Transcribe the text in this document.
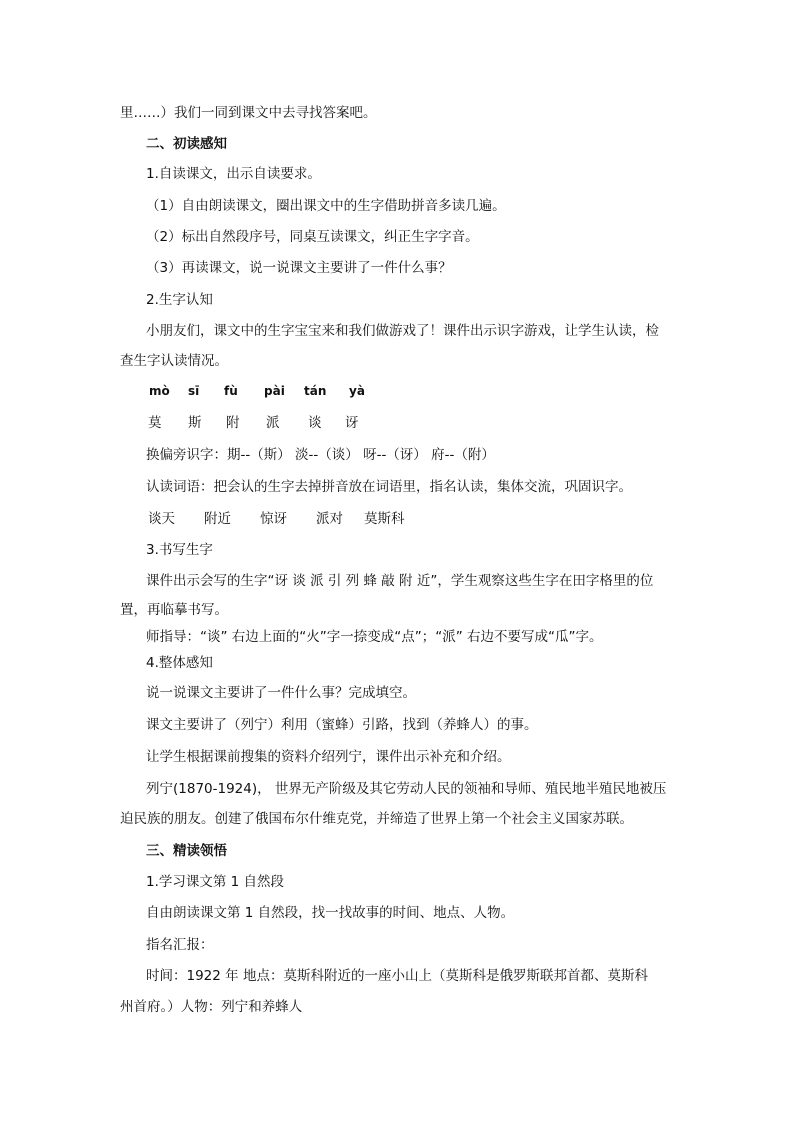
里……）我们一同到课文中去寻找答案吧。
二、初读感知
1.自读课文，出示自读要求。
（1）自由朗读课文，圈出课文中的生字借助拼音多读几遍。
（2）标出自然段序号，同桌互读课文，纠正生字字音。
（3）再读课文，说一说课文主要讲了一件什么事？
2.生字认知
小朋友们，课文中的生字宝宝来和我们做游戏了！课件出示识字游戏，让学生认读，检
查生字认读情况。
mò sī fù pài tán yà
莫 斯 附 派 谈 讶
换偏旁识字：期--（斯） 淡--（谈） 呀--（讶） 府--（附）
认读词语：把会认的生字去掉拼音放在词语里，指名认读，集体交流，巩固识字。
谈天 附近 惊讶 派对 莫斯科
3.书写生字
课件出示会写的生字“讶 谈 派 引 列 蜂 敲 附 近”，学生观察这些生字在田字格里的位
置，再临摹书写。
师指导：“谈” 右边上面的“火”字一捺变成“点”；“派” 右边不要写成“瓜”字。
4.整体感知
说一说课文主要讲了一件什么事？完成填空。
课文主要讲了（列宁）利用（蜜蜂）引路，找到（养蜂人）的事。
让学生根据课前搜集的资料介绍列宁，课件出示补充和介绍。
列宁(1870-1924)， 世界无产阶级及其它劳动人民的领袖和导师、殖民地半殖民地被压
迫民族的朋友。创建了俄国布尔什维克党，并缔造了世界上第一个社会主义国家苏联。
三、精读领悟
1.学习课文第 1 自然段
自由朗读课文第 1 自然段，找一找故事的时间、地点、人物。
指名汇报：
时间：1922 年 地点：莫斯科附近的一座小山上（莫斯科是俄罗斯联邦首都、莫斯科
州首府。）人物：列宁和养蜂人
